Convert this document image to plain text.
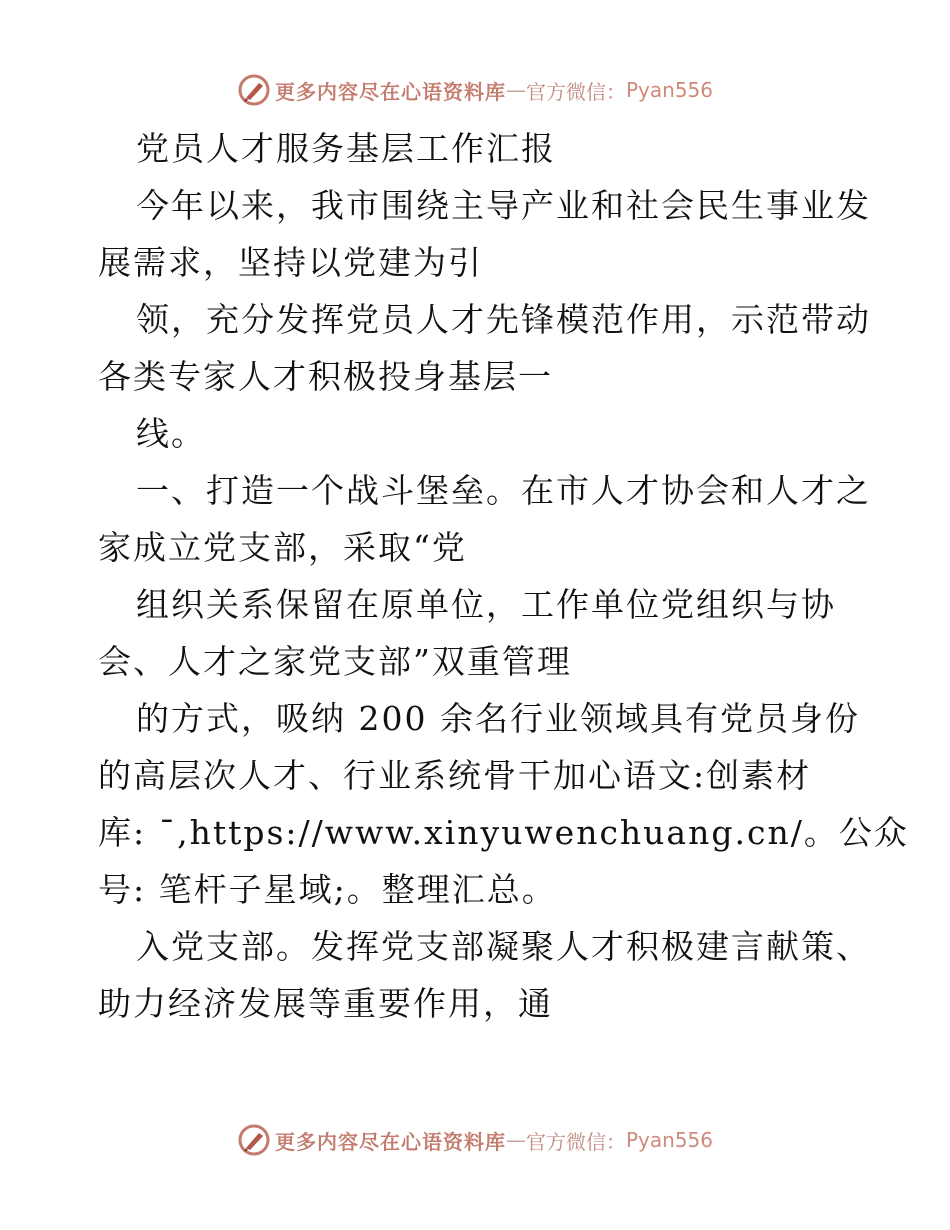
更多内容尽在心语资料库 — 官方微信： Pyan556
党员人才服务基层工作汇报
今年以来，我市围绕主导产业和社会民生事业发
展需求，坚持以党建为引
领，充分发挥党员人才先锋模范作用，示范带动
各类专家人才积极投身基层一
线。
一、打造一个战斗堡垒。在市人才协会和人才之
家成立党支部，采取“党
组织关系保留在原单位，工作单位党组织与协
会、人才之家党支部”双重管理
的方式，吸纳 200 余名行业领域具有党员身份
的高层次人才、行业系统骨干加心语文:创素材
库: ¯,https://www.xinyuwenchuang.cn/。公众
号: 笔杆子星域;。整理汇总。
入党支部。发挥党支部凝聚人才积极建言献策、
助力经济发展等重要作用，通
更多内容尽在心语资料库 — 官方微信： Pyan556
